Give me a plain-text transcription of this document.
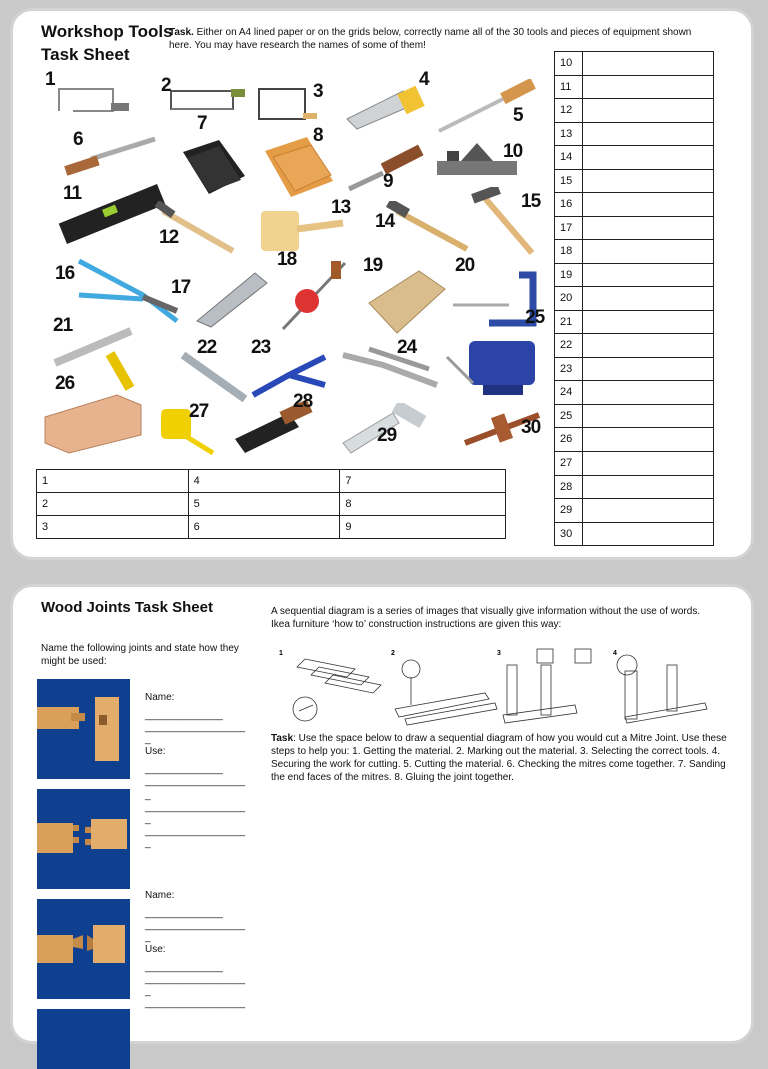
Workshop Tools
Task Sheet
Task. Either on A4 lined paper or on the grids below, correctly name all of the 30 tools and pieces of equipment shown here. You may have research the names of some of them!
1	2	3
4
5
6
7
8
9
10
11
12
13
14
15
16
17
18	19	20
21
22 23	24
25
26
27	28
29	30
1	4	7
2	5	8
3	6	9
10	
11	
12	
13	
14	
15	
16	
17	
18	
19	
20	
21	
22	
23	
24	
25	
26	
27	
28	
29	
30	
Wood Joints Task Sheet
Name the following joints and state how they might be used:
Name:
______________
__________________
_
Use:
______________
__________________
_
__________________
_
__________________
_
Name:
______________
__________________
_
Use:
______________
__________________
_
__________________
A sequential diagram is a series of images that visually give information without the use of words. Ikea furniture ‘how to’ construction instructions are given this way:
1	2	3	4
Task: Use the space below to draw a sequential diagram of how you would cut a Mitre Joint. Use these steps to help you: 1. Getting the material. 2. Marking out the material. 3. Selecting the correct tools. 4. Securing the work for cutting. 5. Cutting the material. 6. Checking the mitres come together. 7. Sanding the end faces of the mitres. 8. Gluing the joint together.
